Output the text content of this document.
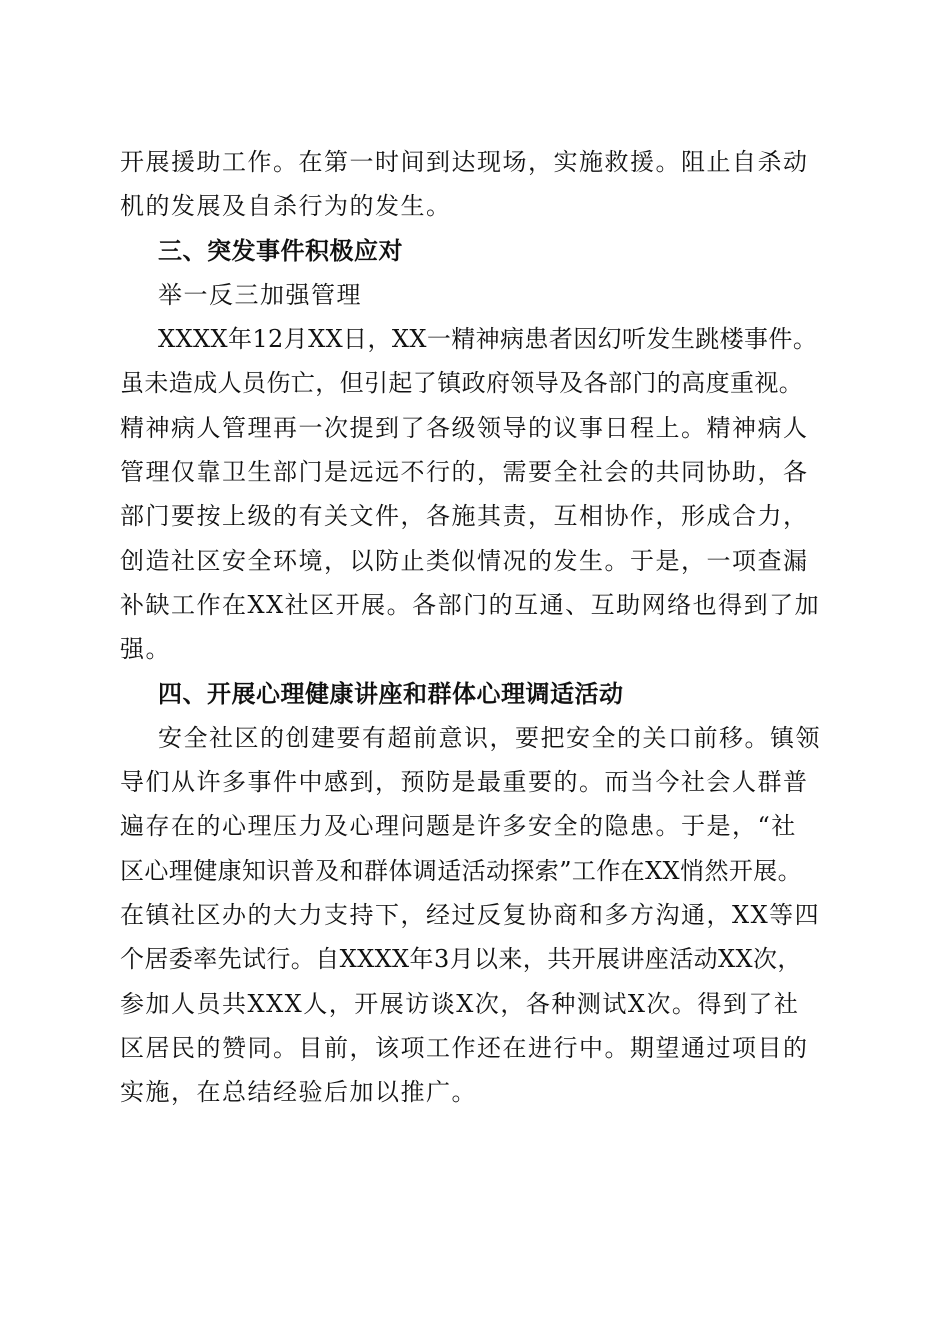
开展援助工作。在第一时间到达现场，实施救援。阻止自杀动
机的发展及自杀行为的发生。
三、突发事件积极应对
举一反三加强管理
XXXX年12月XX日，XX一精神病患者因幻听发生跳楼事件。
虽未造成人员伤亡，但引起了镇政府领导及各部门的高度重视。
精神病人管理再一次提到了各级领导的议事日程上。精神病人
管理仅靠卫生部门是远远不行的，需要全社会的共同协助，各
部门要按上级的有关文件，各施其责，互相协作，形成合力，
创造社区安全环境，以防止类似情况的发生。于是，一项查漏
补缺工作在XX社区开展。各部门的互通、互助网络也得到了加
强。
四、开展心理健康讲座和群体心理调适活动
安全社区的创建要有超前意识，要把安全的关口前移。镇领
导们从许多事件中感到，预防是最重要的。而当今社会人群普
遍存在的心理压力及心理问题是许多安全的隐患。于是，“社
区心理健康知识普及和群体调适活动探索”工作在XX悄然开展。
在镇社区办的大力支持下，经过反复协商和多方沟通，XX等四
个居委率先试行。自XXXX年3月以来，共开展讲座活动XX次，
参加人员共XXX人，开展访谈X次，各种测试X次。得到了社
区居民的赞同。目前，该项工作还在进行中。期望通过项目的
实施，在总结经验后加以推广。
